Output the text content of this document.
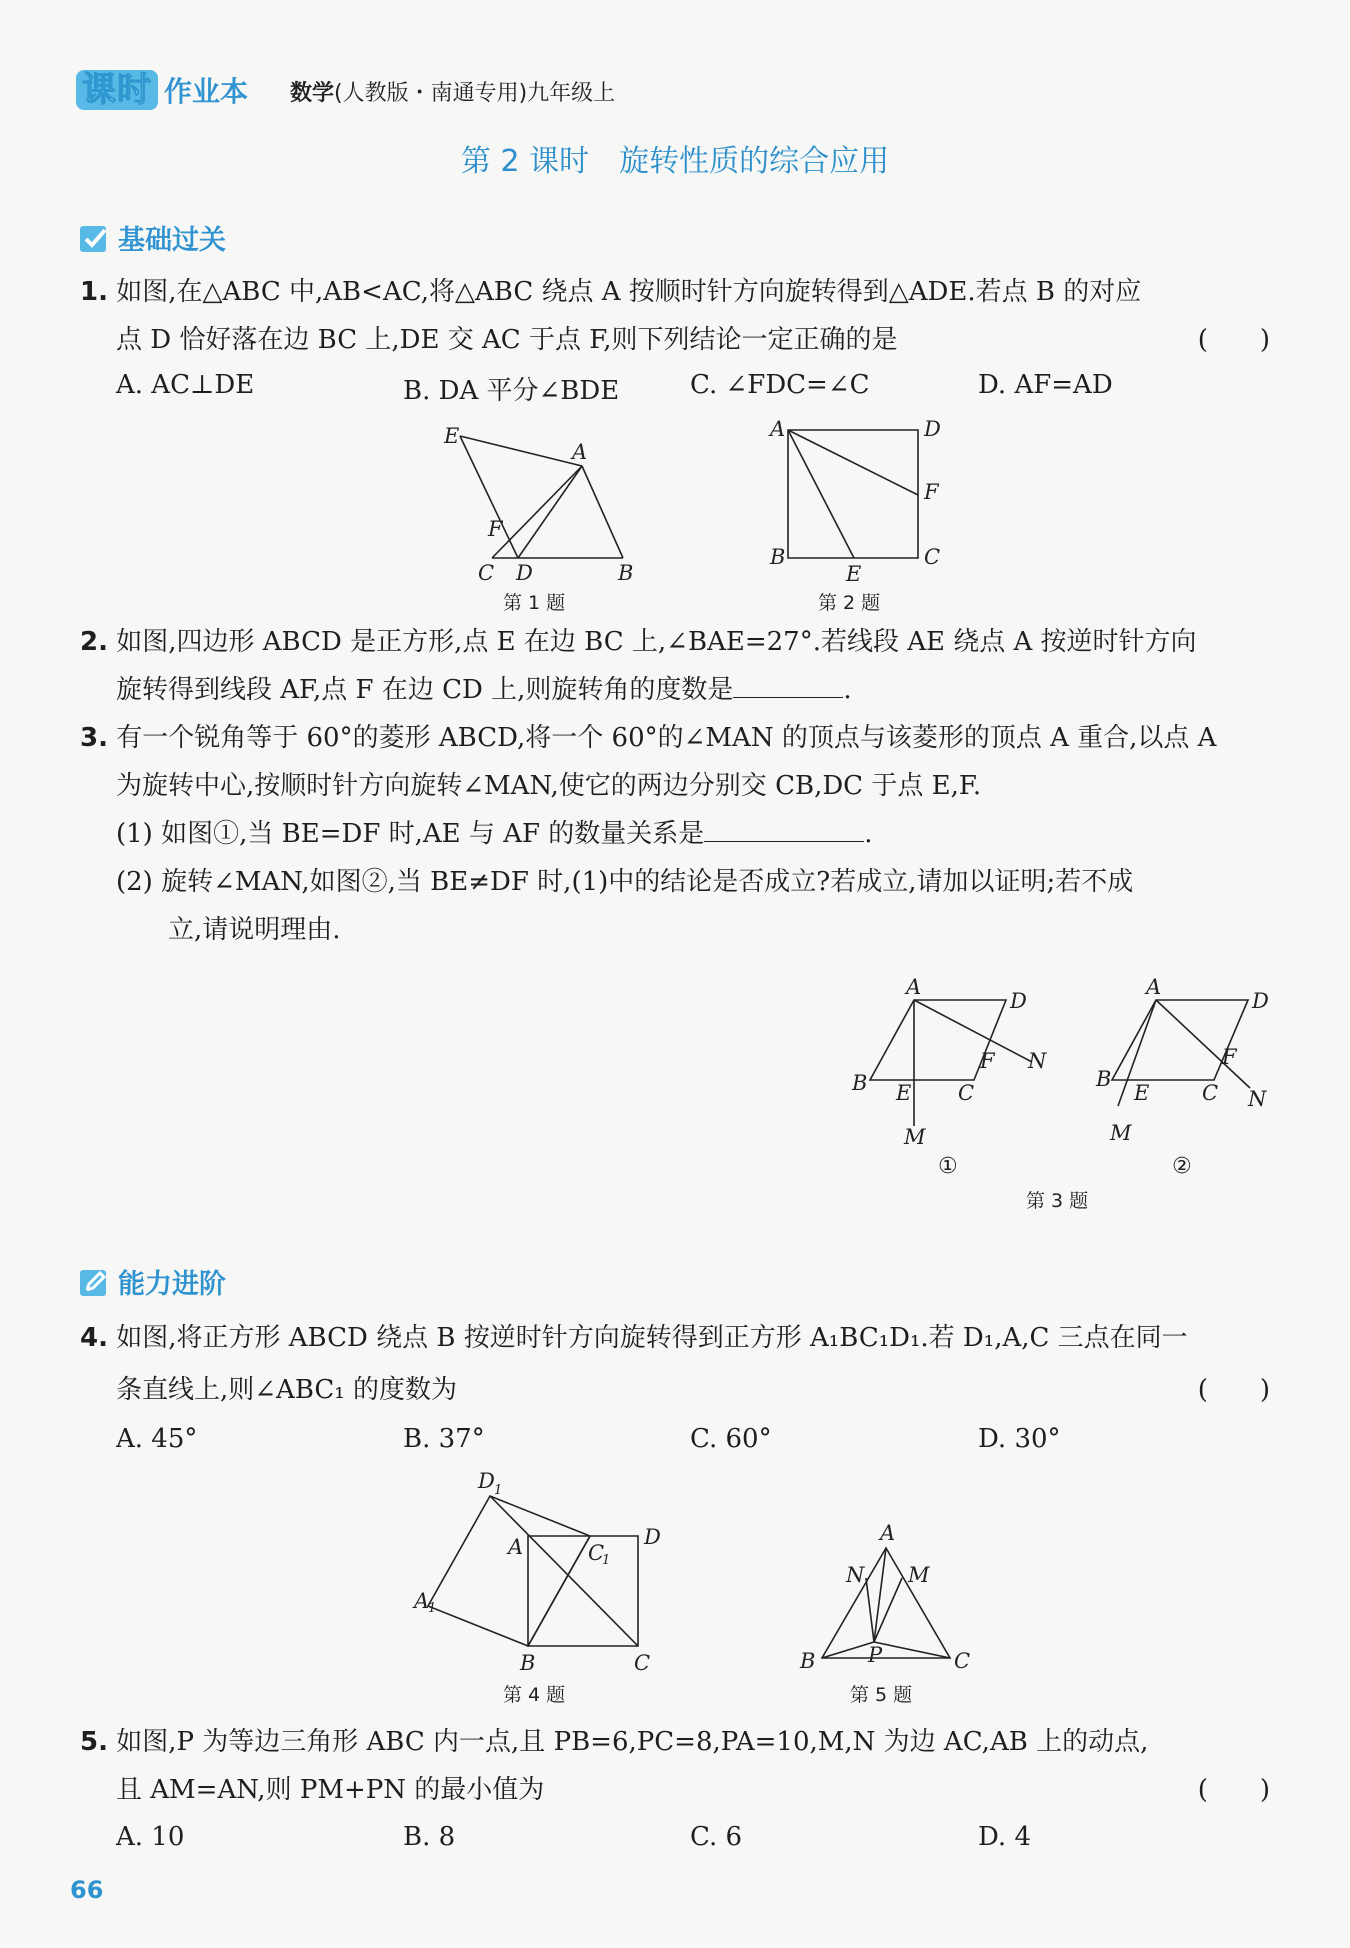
课时 作业本 数学(人教版・南通专用)九年级上
第 2 课时　旋转性质的综合应用
基础过关
1. 如图,在△ABC 中,AB<AC,将△ABC 绕点 A 按顺时针方向旋转得到△ADE.若点 B 的对应
点 D 恰好落在边 BC 上,DE 交 AC 于点 F,则下列结论一定正确的是	(　　)
A. AC⊥DE	B. DA 平分∠BDE	C. ∠FDC=∠C	D. AF=AD
E
A
F
C D	B
第 1 题
A	D
F
B	C
E
第 2 题
2. 如图,四边形 ABCD 是正方形,点 E 在边 BC 上,∠BAE=27°.若线段 AE 绕点 A 按逆时针方向
旋转得到线段 AF,点 F 在边 CD 上,则旋转角的度数是	.
3. 有一个锐角等于 60°的菱形 ABCD,将一个 60°的∠MAN 的顶点与该菱形的顶点 A 重合,以点 A
为旋转中心,按顺时针方向旋转∠MAN,使它的两边分别交 CB,DC 于点 E,F.
(1) 如图①,当 BE=DF 时,AE 与 AF 的数量关系是	.
(2) 旋转∠MAN,如图②,当 BE≠DF 时,(1)中的结论是否成立?若成立,请加以证明;若不成
立,请说明理由.
A
D
F N
B E C
M
①
A
D
F
N
B
E	C
M
②
第 3 题
能力进阶
4. 如图,将正方形 ABCD 绕点 B 按逆时针方向旋转得到正方形 A₁BC₁D₁.若 D₁,A,C 三点在同一
条直线上,则∠ABC₁ 的度数为	(　　)
A. 45°	B. 37°	C. 60°	D. 30°
D 1
A	C
1
D
A
1
B	C
第 4 题
A
N M
B	P	C
第 5 题
5. 如图,P 为等边三角形 ABC 内一点,且 PB=6,PC=8,PA=10,M,N 为边 AC,AB 上的动点,
且 AM=AN,则 PM+PN 的最小值为	(　　)
A. 10	B. 8	C. 6	D. 4
66
